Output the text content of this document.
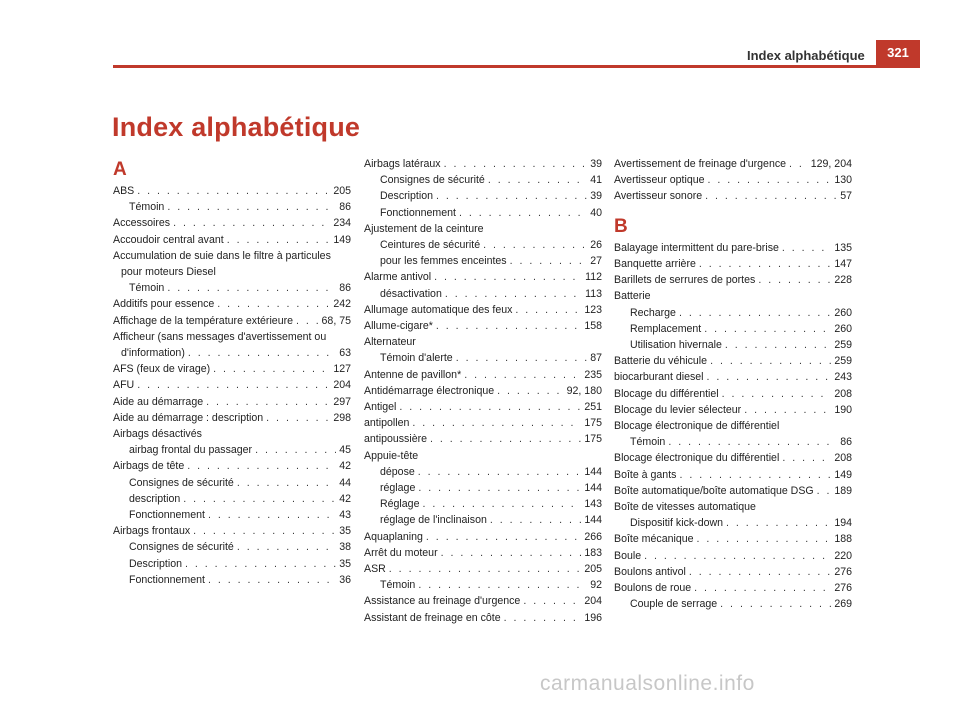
Index alphabétique	321
Index alphabétique
A
ABS . . .	205
Témoin . . .	86
Accessoires . . .	234
Accoudoir central avant . . .	149
Accumulation de suie dans le filtre à particules
pour moteurs Diesel
Témoin . . .	86
Additifs pour essence . . .	242
Affichage de la température extérieure . . .	68, 75
Afficheur (sans messages d'avertissement ou
d'information) . . .	63
AFS (feux de virage) . . .	127
AFU . . .	204
Aide au démarrage . . .	297
Aide au démarrage : description . . .	298
Airbags désactivés
airbag frontal du passager . . .	45
Airbags de tête . . .	42
Consignes de sécurité . . .	44
description . . .	42
Fonctionnement . . .	43
Airbags frontaux . . .	35
Consignes de sécurité . . .	38
Description . . .	35
Fonctionnement . . .	36
Airbags latéraux . . .	39
Consignes de sécurité . . .	41
Description . . .	39
Fonctionnement . . .	40
Ajustement de la ceinture
Ceintures de sécurité . . .	26
pour les femmes enceintes . . .	27
Alarme antivol . . .	112
désactivation . . .	113
Allumage automatique des feux . . .	123
Allume-cigare* . . .	158
Alternateur
Témoin d'alerte . . .	87
Antenne de pavillon* . . .	235
Antidémarrage électronique . . .	92, 180
Antigel . . .	251
antipollen . . .	175
antipoussière . . .	175
Appuie-tête
dépose . . .	144
réglage . . .	144
Réglage . . .	143
réglage de l'inclinaison . . .	144
Aquaplaning . . .	266
Arrêt du moteur . . .	183
ASR . . .	205
Témoin . . .	92
Assistance au freinage d'urgence . . .	204
Assistant de freinage en côte . . .	196
Avertissement de freinage d'urgence . . . 129, 204
Avertisseur optique . . .	130
Avertisseur sonore . . .	57
B
Balayage intermittent du pare-brise . . .	135
Banquette arrière . . .	147
Barillets de serrures de portes . . .	228
Batterie
Recharge . . .	260
Remplacement . . .	260
Utilisation hivernale . . .	259
Batterie du véhicule . . .	259
biocarburant diesel . . .	243
Blocage du différentiel . . .	208
Blocage du levier sélecteur . . .	190
Blocage électronique de différentiel
Témoin . . .	86
Blocage électronique du différentiel . . .	208
Boîte à gants . . .	149
Boîte automatique/boîte automatique DSG . . . 189
Boîte de vitesses automatique
Dispositif kick-down . . .	194
Boîte mécanique . . .	188
Boule . . .	220
Boulons antivol . . .	276
Boulons de roue . . .	276
Couple de serrage . . .	269
carmanualsonline.info
